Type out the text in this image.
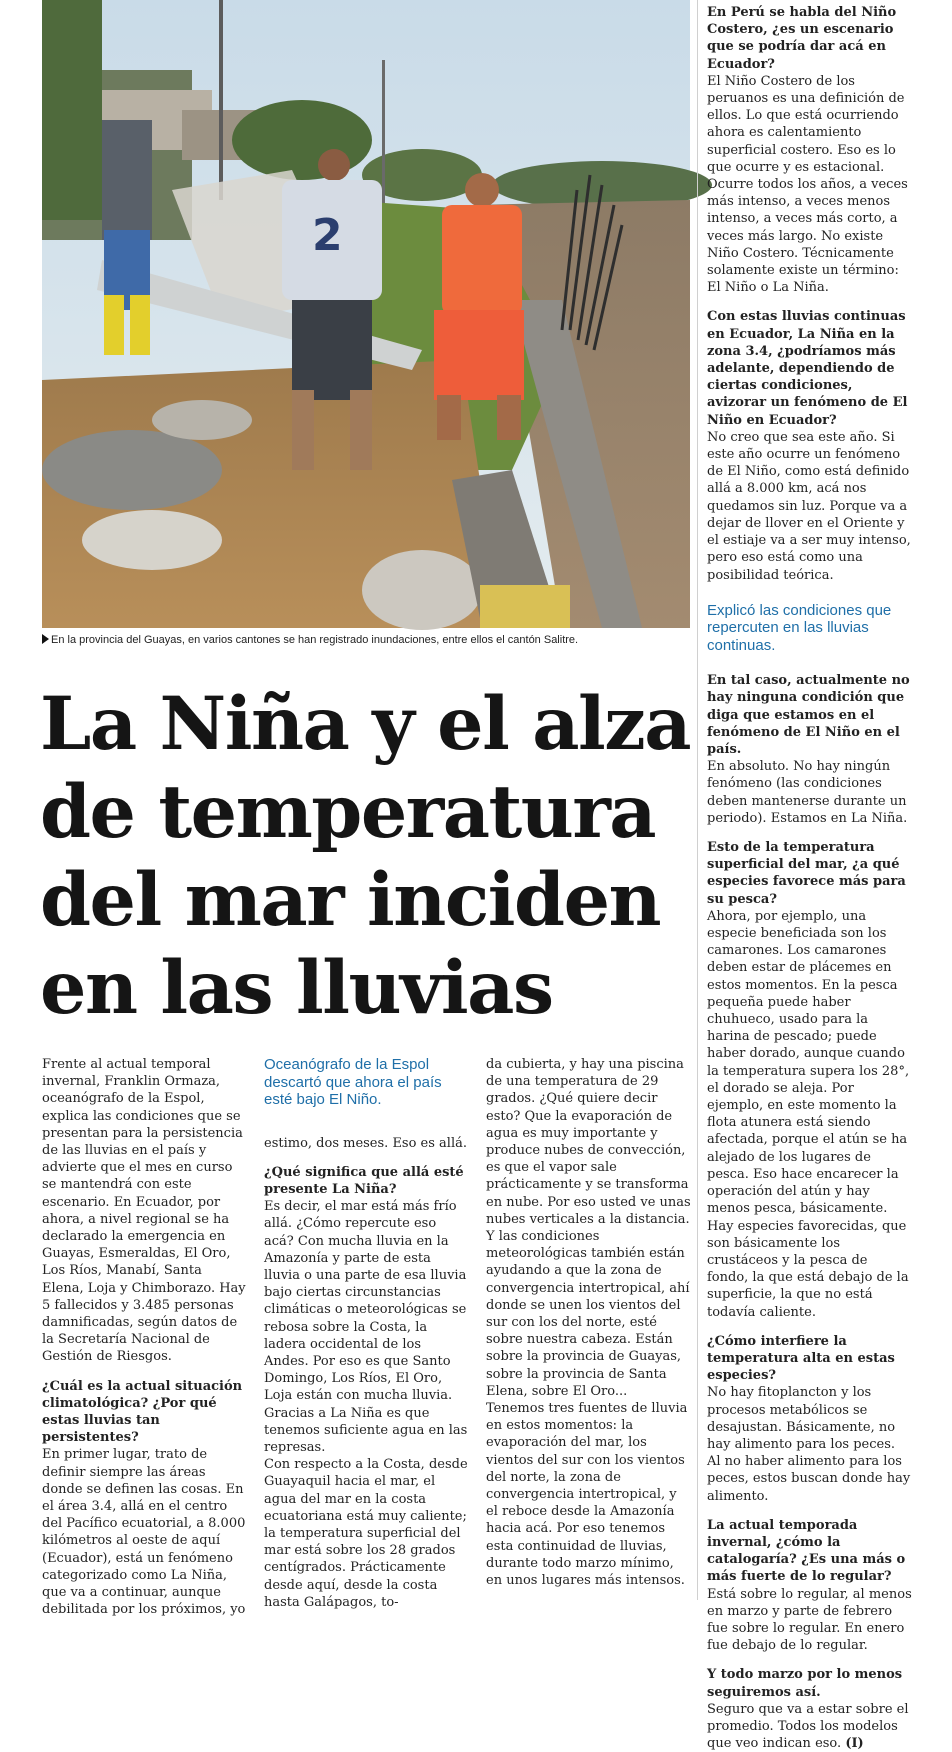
2
En la provincia del Guayas, en varios cantones se han registrado inundaciones, entre ellos el cantón Salitre.
La Niña y el alza
de temperatura
del mar inciden
en las lluvias

Frente al actual temporal invernal, Franklin Ormaza, oceanógrafo de la Espol, explica las condiciones que se presentan para la persistencia de las lluvias en el país y advierte que el mes en curso se mantendrá con este escenario. En Ecuador, por ahora, a nivel regional se ha declarado la emergencia en Guayas, Esmeraldas, El Oro, Los Ríos, Manabí, Santa Elena, Loja y Chimborazo. Hay 5 fallecidos y 3.485 personas damnificadas, según datos de la Secretaría Nacional de Gestión de Riesgos.

¿Cuál es la actual situación climatológica? ¿Por qué estas lluvias tan persistentes?

En primer lugar, trato de definir siempre las áreas donde se definen las cosas. En el área 3.4, allá en el centro del Pacífico ecuatorial, a 8.000 kilómetros al oeste de aquí (Ecuador), está un fenómeno categorizado como La Niña, que va a continuar, aunque debilitada por los próximos, yo

Oceanógrafo de la Espol descartó que ahora el país esté bajo El Niño.

estimo, dos meses. Eso es allá.

¿Qué significa que allá esté presente La Niña?

Es decir, el mar está más frío allá. ¿Cómo repercute eso acá? Con mucha lluvia en la Amazonía y parte de esta lluvia o una parte de esa lluvia bajo ciertas circunstancias climáticas o meteorológicas se rebosa sobre la Costa, la ladera occidental de los Andes. Por eso es que Santo Domingo, Los Ríos, El Oro, Loja están con mucha lluvia. Gracias a La Niña es que tenemos suficiente agua en las represas.

Con respecto a la Costa, desde Guayaquil hacia el mar, el agua del mar en la costa ecuatoriana está muy caliente; la temperatura superficial del mar está sobre los 28 grados centígrados. Prácticamente desde aquí, desde la costa hasta Galápagos, to-

da cubierta, y hay una piscina de una temperatura de 29 grados. ¿Qué quiere decir esto? Que la evaporación de agua es muy importante y produce nubes de convección, es que el vapor sale prácticamente y se transforma en nube. Por eso usted ve unas nubes verticales a la distancia.

Y las condiciones meteorológicas también están ayudando a que la zona de convergencia intertropical, ahí donde se unen los vientos del sur con los del norte, esté sobre nuestra cabeza. Están sobre la provincia de Guayas, sobre la provincia de Santa Elena, sobre El Oro...

Tenemos tres fuentes de lluvia en estos momentos: la evaporación del mar, los vientos del sur con los vientos del norte, la zona de convergencia intertropical, y el reboce desde la Amazonía hacia acá. Por eso tenemos esta continuidad de lluvias, durante todo marzo mínimo, en unos lugares más intensos.

En Perú se habla del Niño Costero, ¿es un escenario que se podría dar acá en Ecuador?

El Niño Costero de los peruanos es una definición de ellos. Lo que está ocurriendo ahora es calentamiento superficial costero. Eso es lo que ocurre y es estacional. Ocurre todos los años, a veces más intenso, a veces menos intenso, a veces más corto, a veces más largo. No existe Niño Costero. Técnicamente solamente existe un término: El Niño o La Niña.

Con estas lluvias continuas en Ecuador, La Niña en la zona 3.4, ¿podríamos más adelante, dependiendo de ciertas condiciones, avizorar un fenómeno de El Niño en Ecuador?

No creo que sea este año. Si este año ocurre un fenómeno de El Niño, como está definido allá a 8.000 km, acá nos quedamos sin luz. Porque va a dejar de llover en el Oriente y el estiaje va a ser muy intenso, pero eso está como una posibilidad teórica.

Explicó las condiciones que repercuten en las lluvias continuas.

En tal caso, actualmente no hay ninguna condición que diga que estamos en el fenómeno de El Niño en el país.

En absoluto. No hay ningún fenómeno (las condiciones deben mantenerse durante un periodo). Estamos en La Niña.

Esto de la temperatura superficial del mar, ¿a qué especies favorece más para su pesca?

Ahora, por ejemplo, una especie beneficiada son los camarones. Los camarones deben estar de plácemes en estos momentos. En la pesca pequeña puede haber chuhueco, usado para la harina de pescado; puede haber dorado, aunque cuando la temperatura supera los 28°, el dorado se aleja. Por ejemplo, en este momento la flota atunera está siendo afectada, porque el atún se ha alejado de los lugares de pesca. Eso hace encarecer la operación del atún y hay menos pesca, básicamente. Hay especies favorecidas, que son básicamente los crustáceos y la pesca de fondo, la que está debajo de la superficie, la que no está todavía caliente.

¿Cómo interfiere la temperatura alta en estas especies?

No hay fitoplancton y los procesos metabólicos se desajustan. Básicamente, no hay alimento para los peces. Al no haber alimento para los peces, estos buscan donde hay alimento.

La actual temporada invernal, ¿cómo la catalogaría? ¿Es una más o más fuerte de lo regular?

Está sobre lo regular, al menos en marzo y parte de febrero fue sobre lo regular. En enero fue debajo de lo regular.

Y todo marzo por lo menos seguiremos así.

Seguro que va a estar sobre el promedio. Todos los modelos que veo indican eso. (I)
